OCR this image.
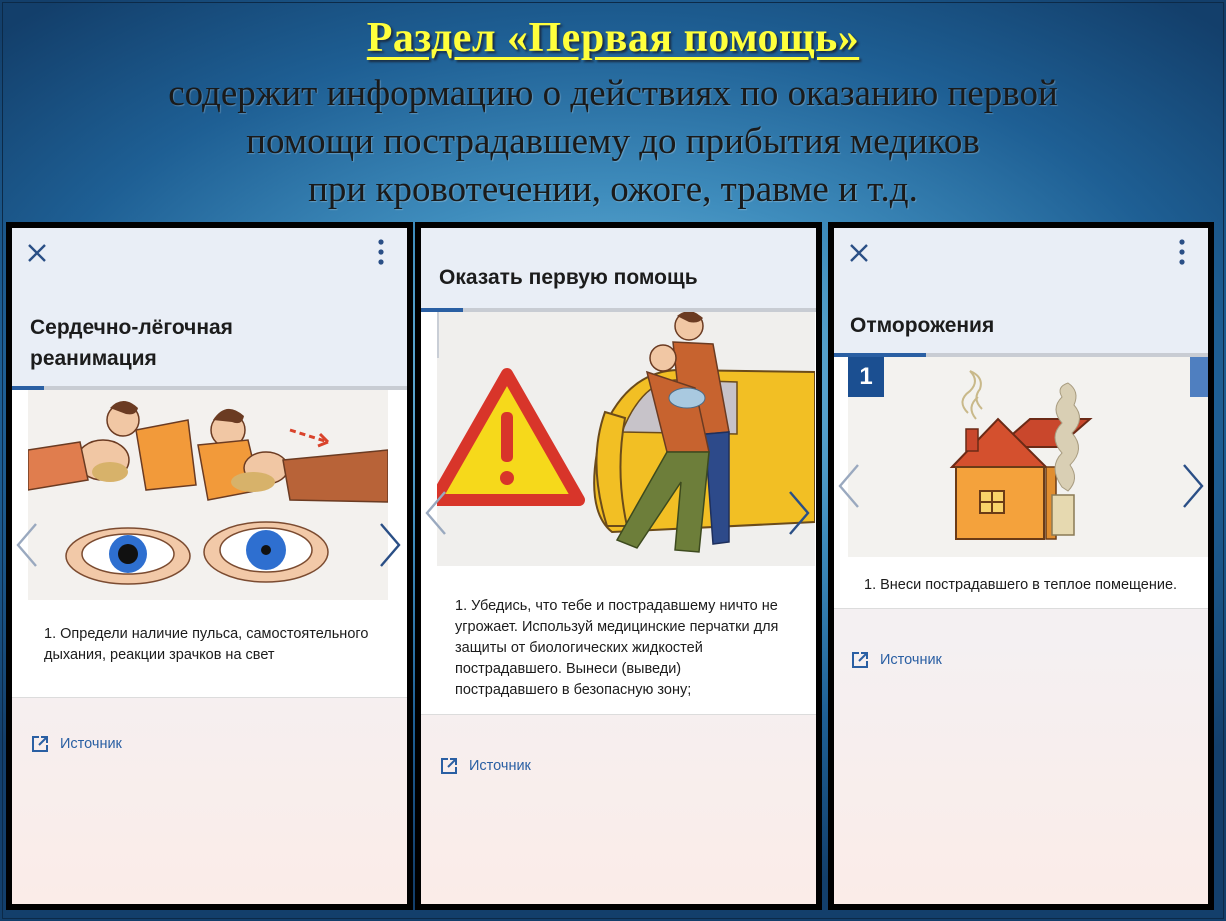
Раздел «Первая помощь»
содержит информацию о действиях по оказанию первой
помощи пострадавшему до прибытия медиков
при кровотечении, ожоге, травме и т.д.
Сердечно-лёгочная
реанимация
1. Определи наличие пульса, самостоятельного дыхания, реакции зрачков на свет
Источник
Оказать первую помощь
1. Убедись, что тебе и пострадавшему ничто не угрожает. Используй медицинские перчатки для защиты от биологических жидкостей пострадавшего. Вынеси (выведи) пострадавшего в безопасную зону;
Источник
Отморожения
1
1. Внеси пострадавшего в теплое помещение.
Источник
